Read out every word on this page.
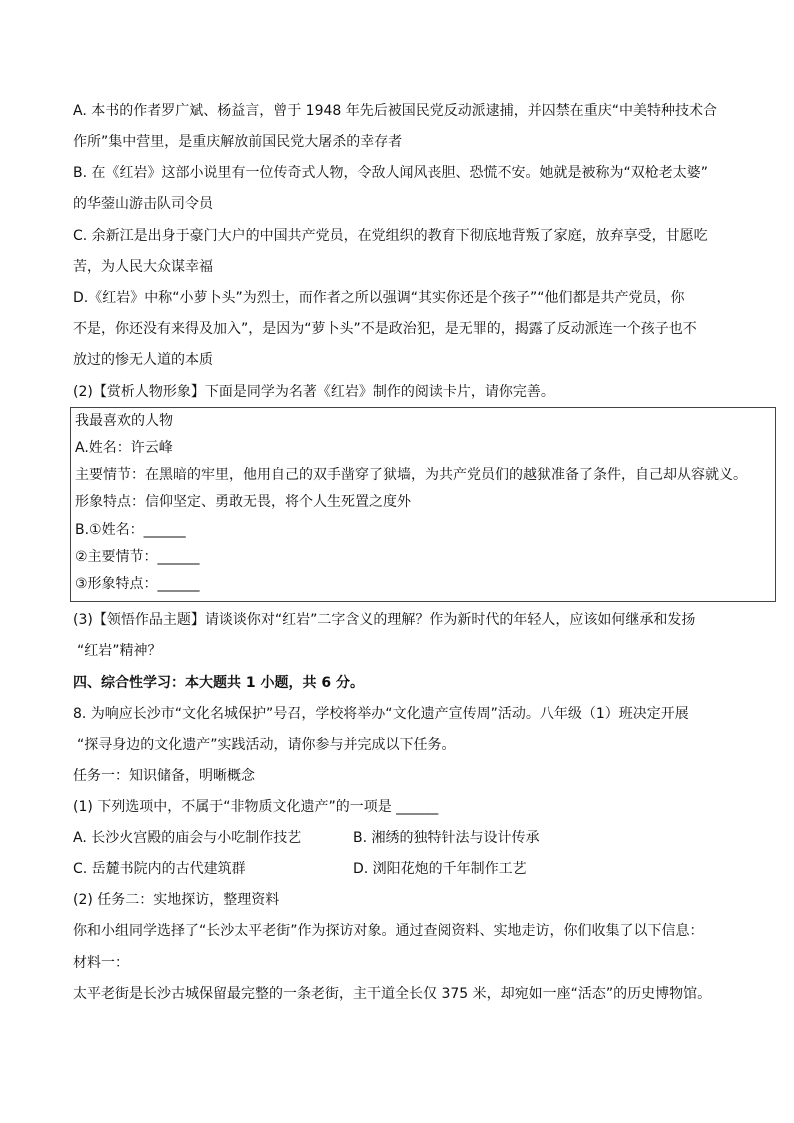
A. 本书的作者罗广斌、杨益言，曾于 1948 年先后被国民党反动派逮捕，并囚禁在重庆“中美特种技术合
作所”集中营里，是重庆解放前国民党大屠杀的幸存者
B. 在《红岩》这部小说里有一位传奇式人物，令敌人闻风丧胆、恐慌不安。她就是被称为“双枪老太婆”
的华蓥山游击队司令员
C. 余新江是出身于豪门大户的中国共产党员，在党组织的教育下彻底地背叛了家庭，放弃享受，甘愿吃
苦，为人民大众谋幸福
D.《红岩》中称“小萝卜头”为烈士，而作者之所以强调“其实你还是个孩子”“他们都是共产党员，你
不是，你还没有来得及加入”，是因为“萝卜头”不是政治犯，是无罪的，揭露了反动派连一个孩子也不
放过的惨无人道的本质
(2)【赏析人物形象】下面是同学为名著《红岩》制作的阅读卡片，请你完善。
我最喜欢的人物
A.姓名：许云峰
主要情节：在黑暗的牢里，他用自己的双手凿穿了狱墙，为共产党员们的越狱准备了条件，自己却从容就义。
形象特点：信仰坚定、勇敢无畏，将个人生死置之度外
B.①姓名：______
②主要情节：______
③形象特点：______
(3)【领悟作品主题】请谈谈你对“红岩”二字含义的理解？作为新时代的年轻人，应该如何继承和发扬
“红岩”精神？
四、综合性学习：本大题共 1 小题，共 6 分。
8. 为响应长沙市“文化名城保护”号召，学校将举办“文化遗产宣传周”活动。八年级（1）班决定开展
“探寻身边的文化遗产”实践活动，请你参与并完成以下任务。
任务一：知识储备，明晰概念
(1) 下列选项中，不属于“非物质文化遗产”的一项是 ______
A. 长沙火宫殿的庙会与小吃制作技艺	B. 湘绣的独特针法与设计传承
C. 岳麓书院内的古代建筑群	D. 浏阳花炮的千年制作工艺
(2) 任务二：实地探访，整理资料
你和小组同学选择了“长沙太平老街”作为探访对象。通过查阅资料、实地走访，你们收集了以下信息：
材料一：
太平老街是长沙古城保留最完整的一条老街，主干道全长仅 375 米，却宛如一座“活态”的历史博物馆。
